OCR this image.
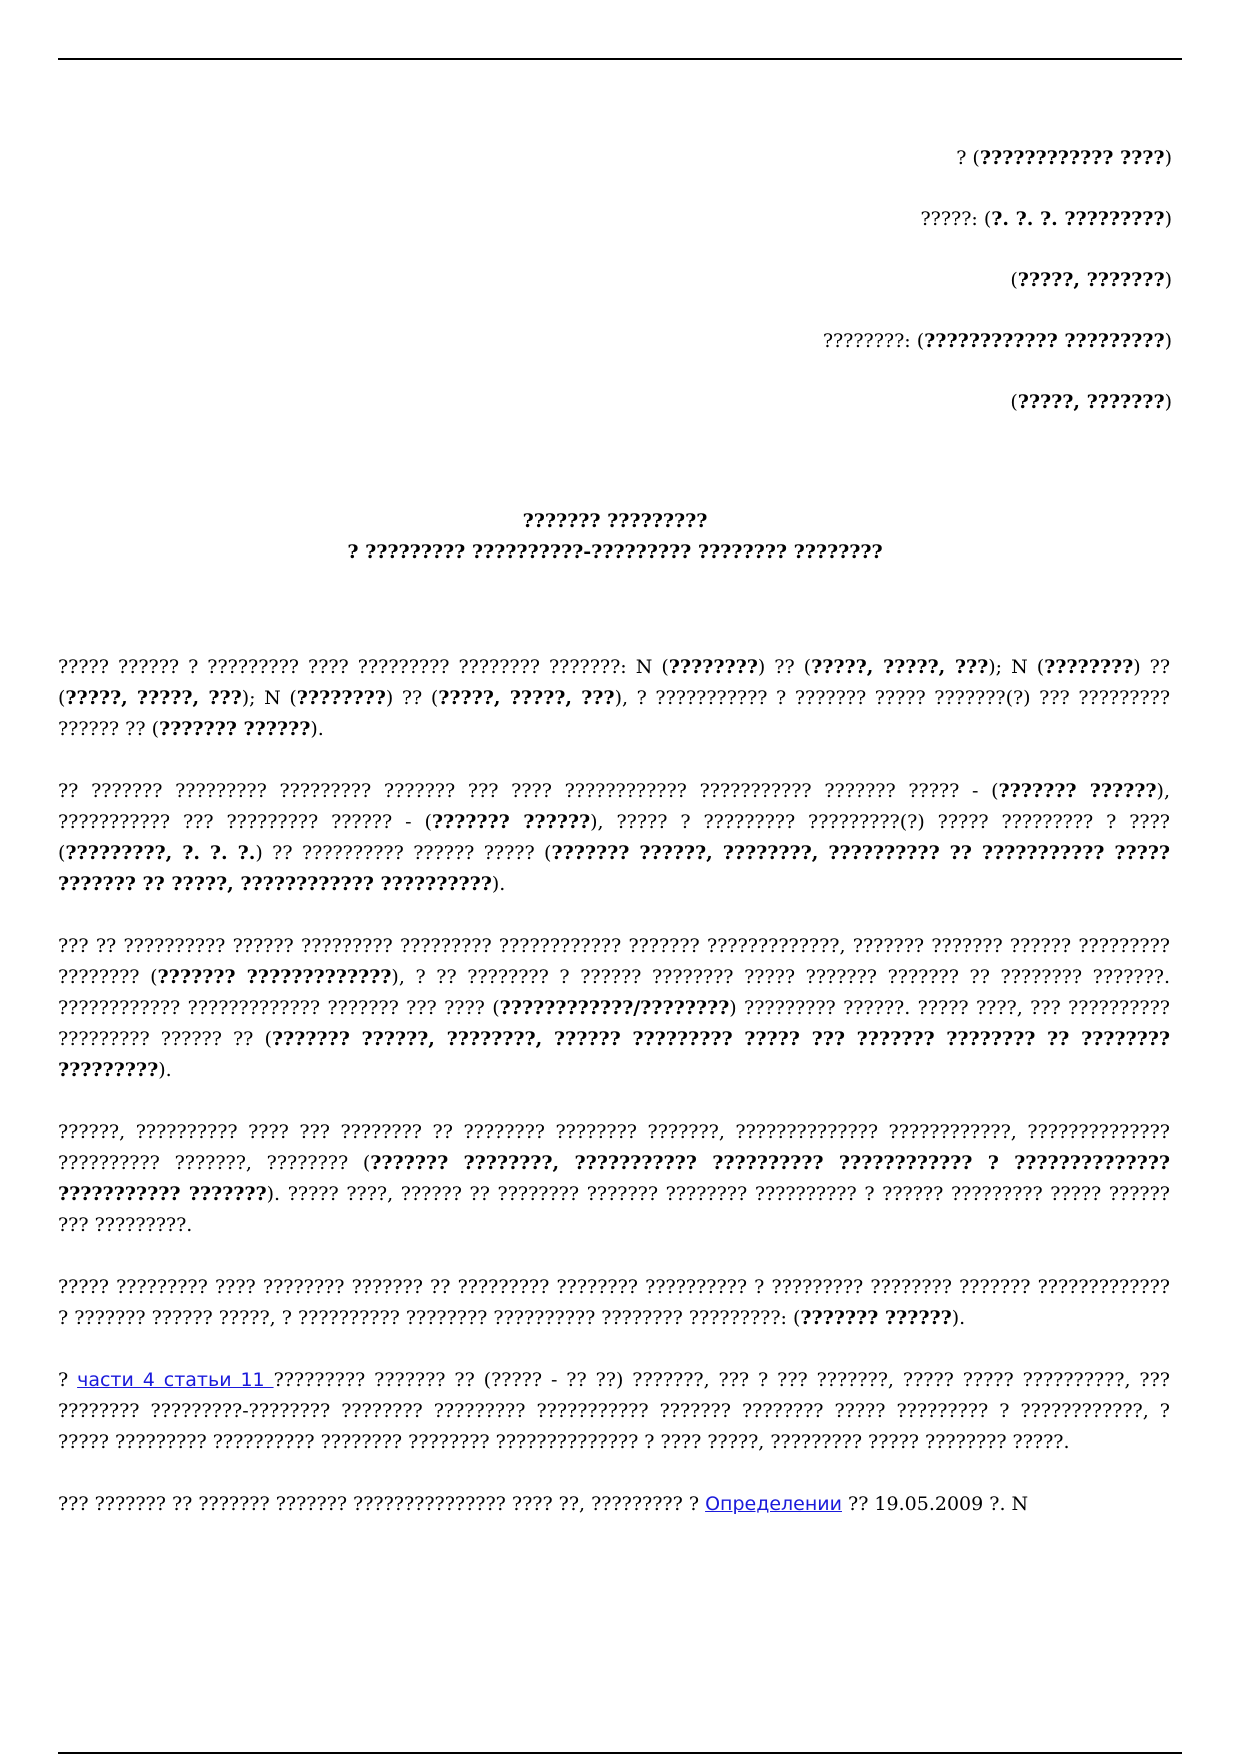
? (???????????? ????)
?????: (?. ?. ?. ?????????)
(?????, ???????)
????????: (???????????? ?????????)
(?????, ???????)
??????? ?????????
? ????????? ??????????-????????? ???????? ????????

????? ?????? ? ????????? ???? ????????? ???????? ???????: N (????????) ?? (?????, ?????, ???); N (????????) ?? (?????, ?????, ???); N (????????) ?? (?????, ?????, ???), ? ??????????? ? ??????? ????? ???????(?) ??? ????????? ?????? ?? (??????? ??????).

?? ??????? ????????? ????????? ??????? ??? ???? ???????????? ??????????? ??????? ????? - (??????? ??????), ??????????? ??? ????????? ?????? - (??????? ??????), ????? ? ????????? ?????????(?) ????? ????????? ? ???? (?????????, ?. ?. ?.) ?? ?????????? ?????? ????? (??????? ??????, ????????, ?????????? ?? ??????????? ????? ??????? ?? ?????, ???????????? ??????????).

??? ?? ?????????? ?????? ????????? ????????? ???????????? ??????? ?????????????, ??????? ??????? ?????? ????????? ???????? (??????? ?????????????), ? ?? ???????? ? ?????? ???????? ????? ??????? ??????? ?? ???????? ???????. ???????????? ????????????? ??????? ??? ???? (????????????/????????) ????????? ??????. ????? ????, ??? ?????????? ????????? ?????? ?? (??????? ??????, ????????, ?????? ????????? ????? ??? ??????? ???????? ?? ???????? ?????????).

??????, ?????????? ???? ??? ???????? ?? ???????? ???????? ???????, ?????????????? ????????????, ?????????????? ?????????? ???????, ???????? (??????? ????????, ??????????? ?????????? ???????????? ? ?????????????? ??????????? ???????). ????? ????, ?????? ?? ???????? ??????? ???????? ?????????? ? ?????? ????????? ????? ?????? ??? ?????????.

????? ????????? ???? ???????? ??????? ?? ????????? ???????? ?????????? ? ????????? ???????? ??????? ????????????? ? ??????? ?????? ?????, ? ?????????? ???????? ?????????? ???????? ?????????: (??????? ??????).

? части 4 статьи 11 ????????? ??????? ?? (????? - ?? ??) ???????, ??? ? ??? ???????, ????? ????? ??????????, ??? ???????? ?????????-???????? ???????? ????????? ??????????? ??????? ???????? ????? ????????? ? ????????????, ? ????? ????????? ?????????? ???????? ???????? ?????????????? ? ???? ?????, ????????? ????? ???????? ?????.

??? ??????? ?? ??????? ??????? ??????????????? ???? ??, ????????? ? Определении ?? 19.05.2009 ?. N
